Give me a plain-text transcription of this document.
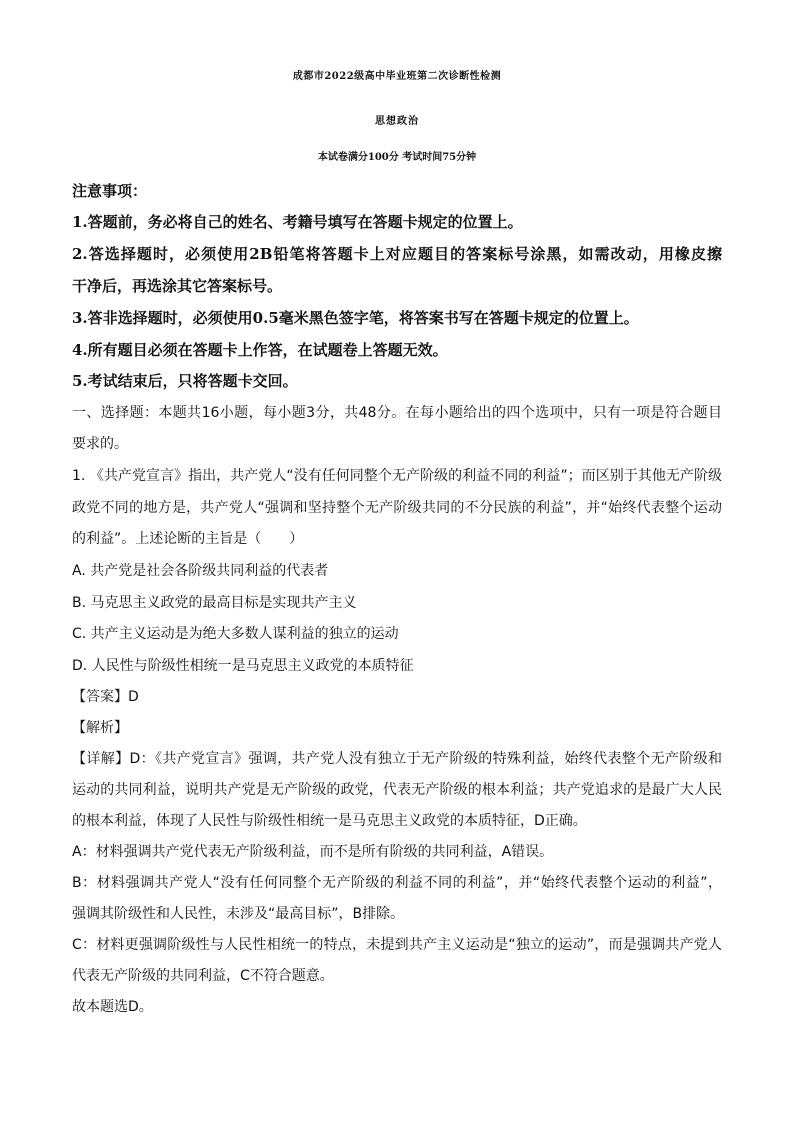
成都市2022级高中毕业班第二次诊断性检测
思想政治
本试卷满分100分 考试时间75分钟
注意事项：
1.答题前，务必将自己的姓名、考籍号填写在答题卡规定的位置上。
2.答选择题时，必须使用2B铅笔将答题卡上对应题目的答案标号涂黑，如需改动，用橡皮擦
干净后，再选涂其它答案标号。
3.答非选择题时，必须使用0.5毫米黑色签字笔，将答案书写在答题卡规定的位置上。
4.所有题目必须在答题卡上作答，在试题卷上答题无效。
5.考试结束后，只将答题卡交回。
一、选择题：本题共16小题，每小题3分，共48分。在每小题给出的四个选项中，只有一项是符合题目
要求的。
1. 《共产党宣言》指出，共产党人“没有任何同整个无产阶级的利益不同的利益”；而区别于其他无产阶级
政党不同的地方是，共产党人“强调和坚持整个无产阶级共同的不分民族的利益”，并“始终代表整个运动
的利益”。上述论断的主旨是（　　）
A. 共产党是社会各阶级共同利益的代表者
B. 马克思主义政党的最高目标是实现共产主义
C. 共产主义运动是为绝大多数人谋利益的独立的运动
D. 人民性与阶级性相统一是马克思主义政党的本质特征
【答案】D
【解析】
【详解】D：《共产党宣言》强调，共产党人没有独立于无产阶级的特殊利益，始终代表整个无产阶级和
运动的共同利益，说明共产党是无产阶级的政党，代表无产阶级的根本利益；共产党追求的是最广大人民
的根本利益，体现了人民性与阶级性相统一是马克思主义政党的本质特征，D正确。
A：材料强调共产党代表无产阶级利益，而不是所有阶级的共同利益，A错误。
B：材料强调共产党人“没有任何同整个无产阶级的利益不同的利益”，并“始终代表整个运动的利益”，
强调其阶级性和人民性，未涉及“最高目标”，B排除。
C：材料更强调阶级性与人民性相统一的特点，未提到共产主义运动是“独立的运动”，而是强调共产党人
代表无产阶级的共同利益，C不符合题意。
故本题选D。
